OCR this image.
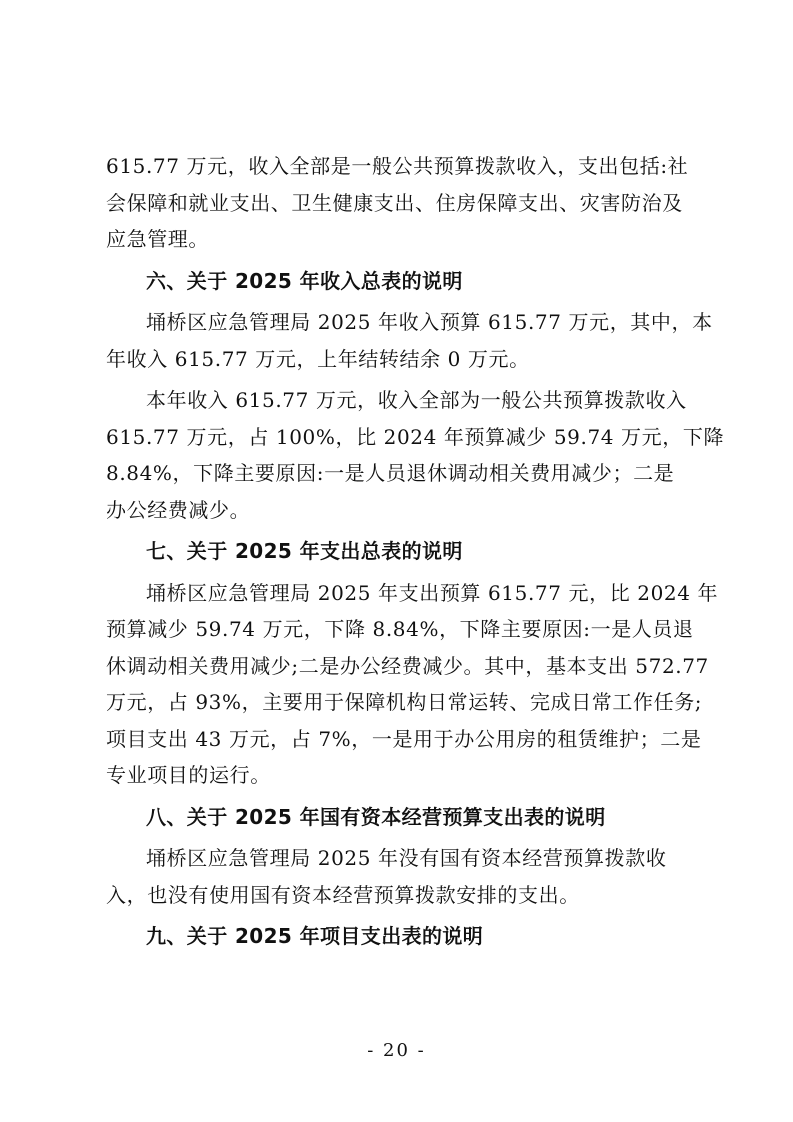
615.77 万元，收入全部是一般公共预算拨款收入，支出包括:社
会保障和就业支出、卫生健康支出、住房保障支出、灾害防治及
应急管理。

六、关于 2025 年收入总表的说明

埇桥区应急管理局 2025 年收入预算 615.77 万元，其中，本
年收入 615.77 万元，上年结转结余 0 万元。

本年收入 615.77 万元，收入全部为一般公共预算拨款收入
615.77 万元，占 100%，比 2024 年预算减少 59.74 万元，下降
8.84%，下降主要原因:一是人员退休调动相关费用减少；二是
办公经费减少。

七、关于 2025 年支出总表的说明

埇桥区应急管理局 2025 年支出预算 615.77 元，比 2024 年
预算减少 59.74 万元，下降 8.84%，下降主要原因:一是人员退
休调动相关费用减少;二是办公经费减少。其中，基本支出 572.77
万元，占 93%，主要用于保障机构日常运转、完成日常工作任务;
项目支出 43 万元，占 7%，一是用于办公用房的租赁维护；二是
专业项目的运行。

八、关于 2025 年国有资本经营预算支出表的说明

埇桥区应急管理局 2025 年没有国有资本经营预算拨款收
入，也没有使用国有资本经营预算拨款安排的支出。

九、关于 2025 年项目支出表的说明
- 20 -
